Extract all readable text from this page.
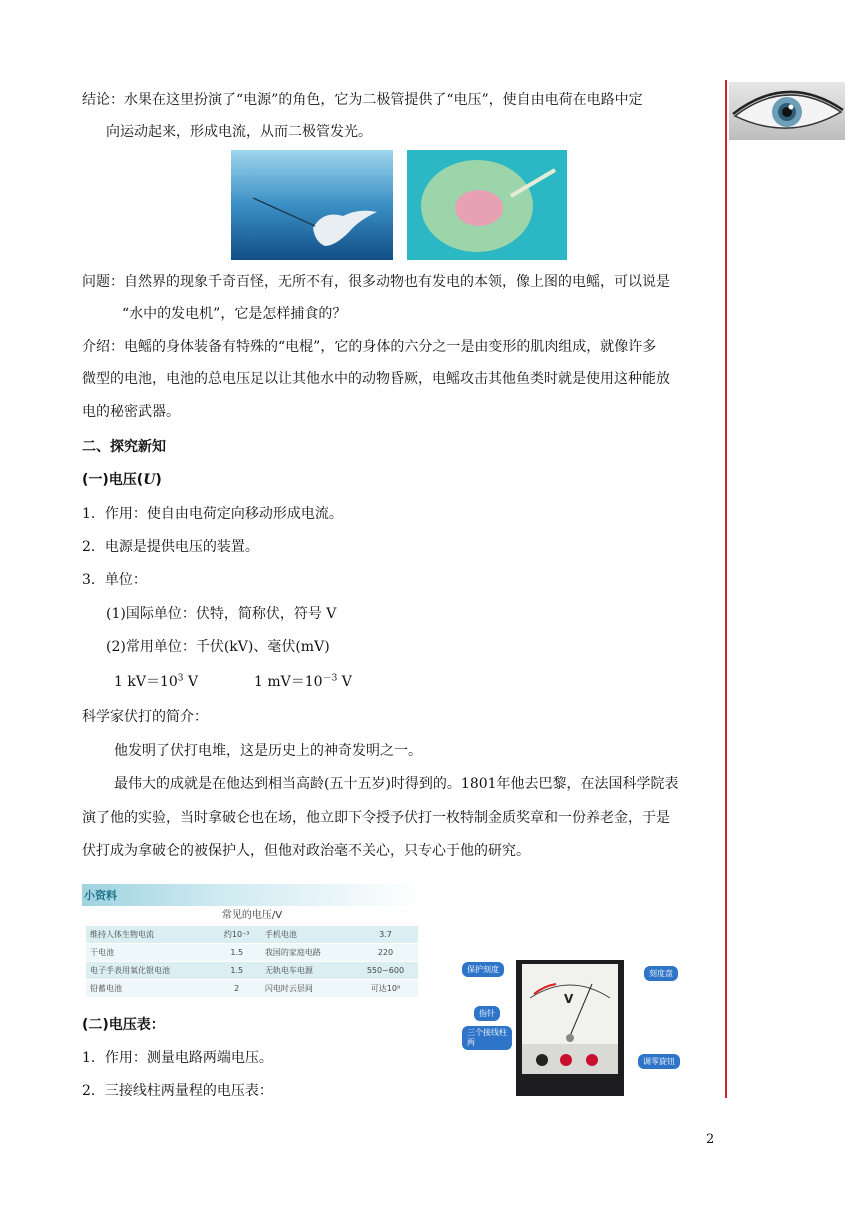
结论：水果在这里扮演了“电源”的角色，它为二极管提供了“电压”，使自由电荷在电路中定
向运动起来，形成电流，从而二极管发光。
问题：自然界的现象千奇百怪，无所不有，很多动物也有发电的本领，像上图的电鳐，可以说是
“水中的发电机”，它是怎样捕食的？
介绍：电鳐的身体装备有特殊的“电棍”，它的身体的六分之一是由变形的肌肉组成，就像许多
微型的电池，电池的总电压足以让其他水中的动物昏厥，电鳐攻击其他鱼类时就是使用这种能放
电的秘密武器。
二、探究新知
(一)电压(U)
1．作用：使自由电荷定向移动形成电流。
2．电源是提供电压的装置。
3．单位：
(1)国际单位：伏特，简称伏，符号 V
(2)常用单位：千伏(kV)、毫伏(mV)
1 $kV=10^3$ V	1 $mV=10^{-3}$ V
科学家伏打的简介：
他发明了伏打电堆，这是历史上的神奇发明之一。
最伟大的成就是在他达到相当高龄(五十五岁)时得到的。1801年他去巴黎，在法国科学院表
演了他的实验，当时拿破仑也在场，他立即下令授予伏打一枚特制金质奖章和一份养老金，于是
伏打成为拿破仑的被保护人，但他对政治毫不关心，只专心于他的研究。
小资料
常见的电压/V
维持人体生物电流	约10⁻³	手机电池	3.7
干电池	1.5	我国的家庭电路	220
电子手表用氧化银电池	1.5	无轨电车电源	550~600
铅蓄电池	2	闪电时云层间	可达10⁹
(二)电压表：
1．作用：测量电路两端电压。
2．三接线柱两量程的电压表：
V
保护刻度	刻度盘
指针
三个接线柱
两
调零旋钮
2
